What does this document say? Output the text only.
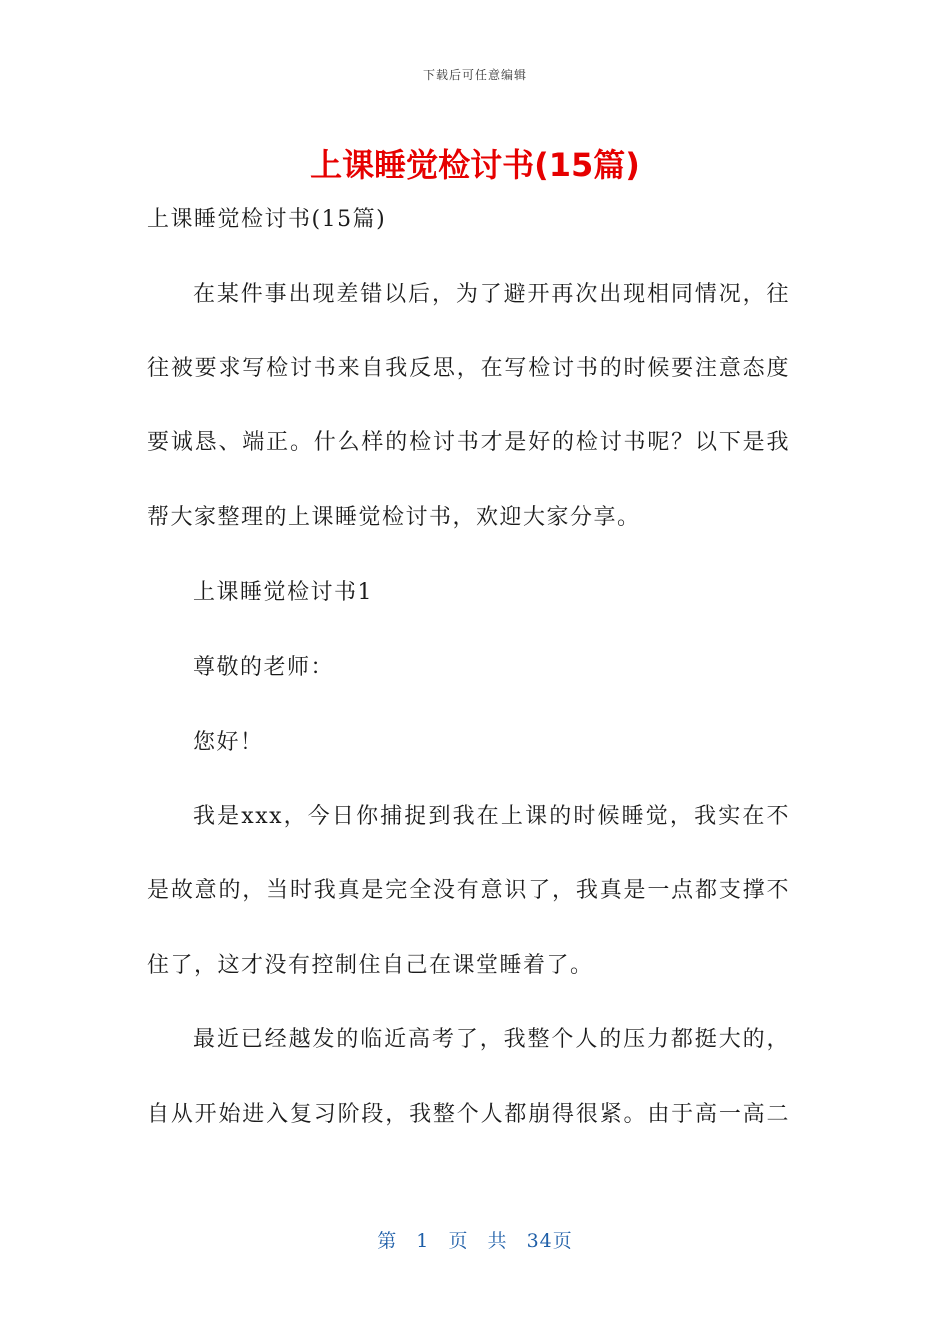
下载后可任意编辑
上课睡觉检讨书(15篇)
上课睡觉检讨书(15篇)
在某件事出现差错以后，为了避开再次出现相同情况，往
往被要求写检讨书来自我反思，在写检讨书的时候要注意态度
要诚恳、端正。什么样的检讨书才是好的检讨书呢？以下是我
帮大家整理的上课睡觉检讨书，欢迎大家分享。
上课睡觉检讨书1
尊敬的老师：
您好！
我是xxx，今日你捕捉到我在上课的时候睡觉，我实在不
是故意的，当时我真是完全没有意识了，我真是一点都支撑不
住了，这才没有控制住自己在课堂睡着了。
最近已经越发的临近高考了，我整个人的压力都挺大的，
自从开始进入复习阶段，我整个人都崩得很紧。由于高一高二
第 1 页 共 34页
